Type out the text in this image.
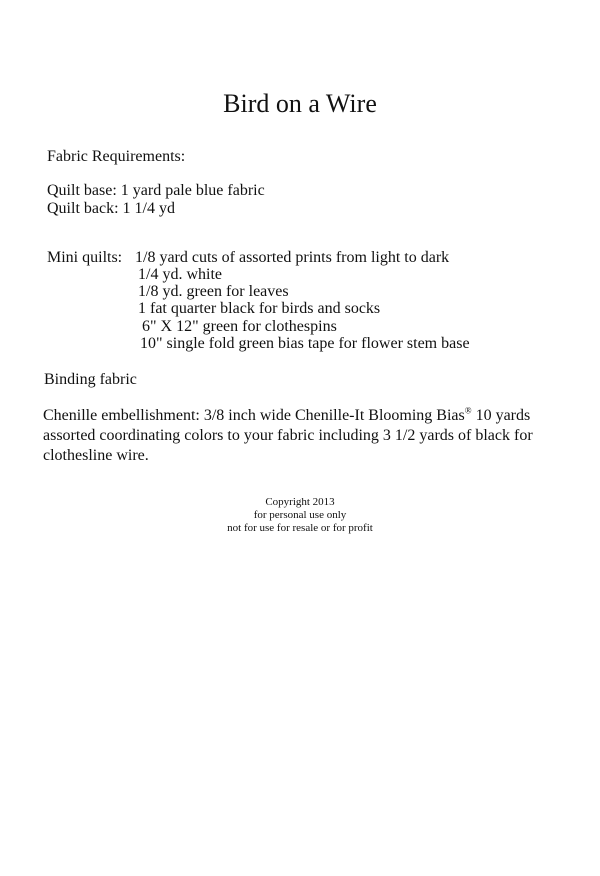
Bird on a Wire
Fabric Requirements:
Quilt base: 1 yard pale blue fabric
Quilt back: 1 1/4 yd
Mini quilts: 1/8 yard cuts of assorted prints from light to dark
1/4 yd. white
1/8 yd. green for leaves
1 fat quarter black for birds and socks
6" X 12" green for clothespins
10" single fold green bias tape for flower stem base
Binding fabric
Chenille embellishment: 3/8 inch wide Chenille-It Blooming Bias® 10 yards assorted coordinating colors to your fabric including 3 1/2 yards of black for clothesline wire.
Copyright 2013
for personal use only
not for use for resale or for profit
